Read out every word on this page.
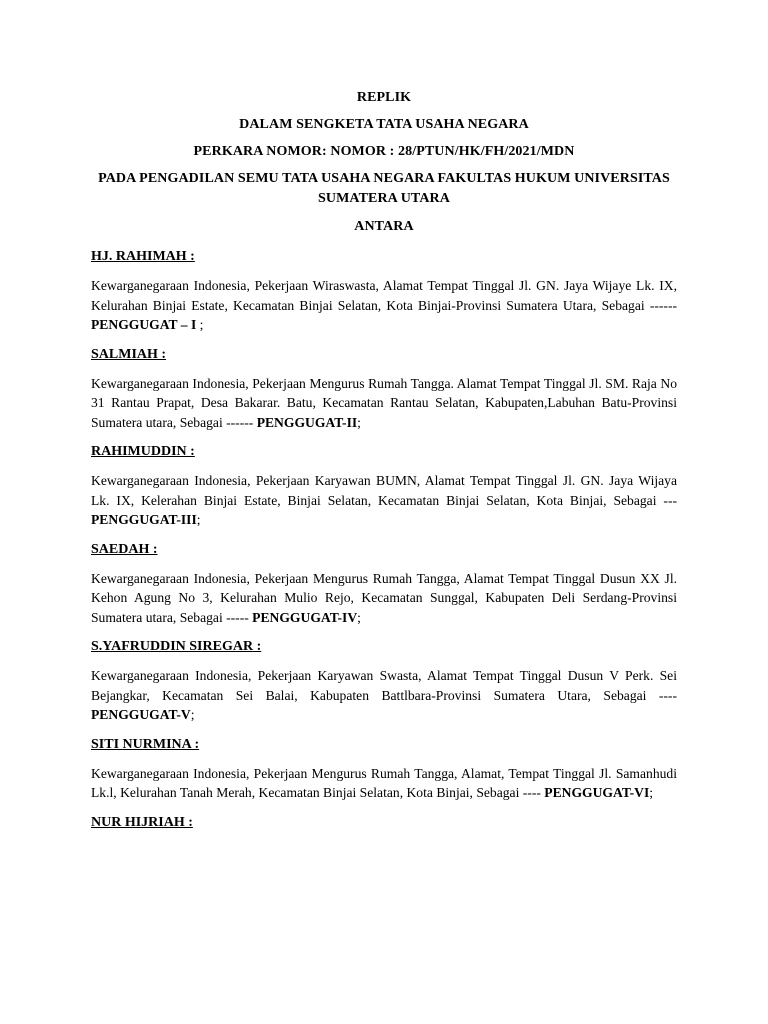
REPLIK
DALAM SENGKETA TATA USAHA NEGARA
PERKARA NOMOR: NOMOR : 28/PTUN/HK/FH/2021/MDN
PADA PENGADILAN SEMU TATA USAHA NEGARA FAKULTAS HUKUM UNIVERSITAS SUMATERA UTARA
ANTARA
HJ. RAHIMAH :

Kewarganegaraan Indonesia, Pekerjaan Wiraswasta, Alamat Tempat Tinggal Jl. GN. Jaya Wijaye Lk. IX, Kelurahan Binjai Estate, Kecamatan Binjai Selatan, Kota Binjai-Provinsi Sumatera Utara, Sebagai ------ PENGGUGAT – I ;

SALMIAH :

Kewarganegaraan Indonesia, Pekerjaan Mengurus Rumah Tangga. Alamat Tempat Tinggal Jl. SM. Raja No 31 Rantau Prapat, Desa Bakarar. Batu, Kecamatan Rantau Selatan, Kabupaten,Labuhan Batu-Provinsi Sumatera utara, Sebagai ------ PENGGUGAT-II;

RAHIMUDDIN :

Kewarganegaraan Indonesia, Pekerjaan Karyawan BUMN, Alamat Tempat Tinggal Jl. GN. Jaya Wijaya Lk. IX, Kelerahan Binjai Estate, Binjai Selatan, Kecamatan Binjai Selatan, Kota Binjai, Sebagai ---PENGGUGAT-III;

SAEDAH :

Kewarganegaraan Indonesia, Pekerjaan Mengurus Rumah Tangga, Alamat Tempat Tinggal Dusun XX Jl. Kehon Agung No 3, Kelurahan Mulio Rejo, Kecamatan Sunggal, Kabupaten Deli Serdang-Provinsi Sumatera utara, Sebagai ----- PENGGUGAT-IV;

S.YAFRUDDIN SIREGAR :

Kewarganegaraan Indonesia, Pekerjaan Karyawan Swasta, Alamat Tempat Tinggal Dusun V Perk. Sei Bejangkar, Kecamatan Sei Balai, Kabupaten Battlbara-Provinsi Sumatera Utara, Sebagai ---- PENGGUGAT-V;

SITI NURMINA :

Kewarganegaraan Indonesia, Pekerjaan Mengurus Rumah Tangga, Alamat, Tempat Tinggal Jl. Samanhudi Lk.l, Kelurahan Tanah Merah, Kecamatan Binjai Selatan, Kota Binjai, Sebagai ---- PENGGUGAT-VI;

NUR HIJRIAH :
